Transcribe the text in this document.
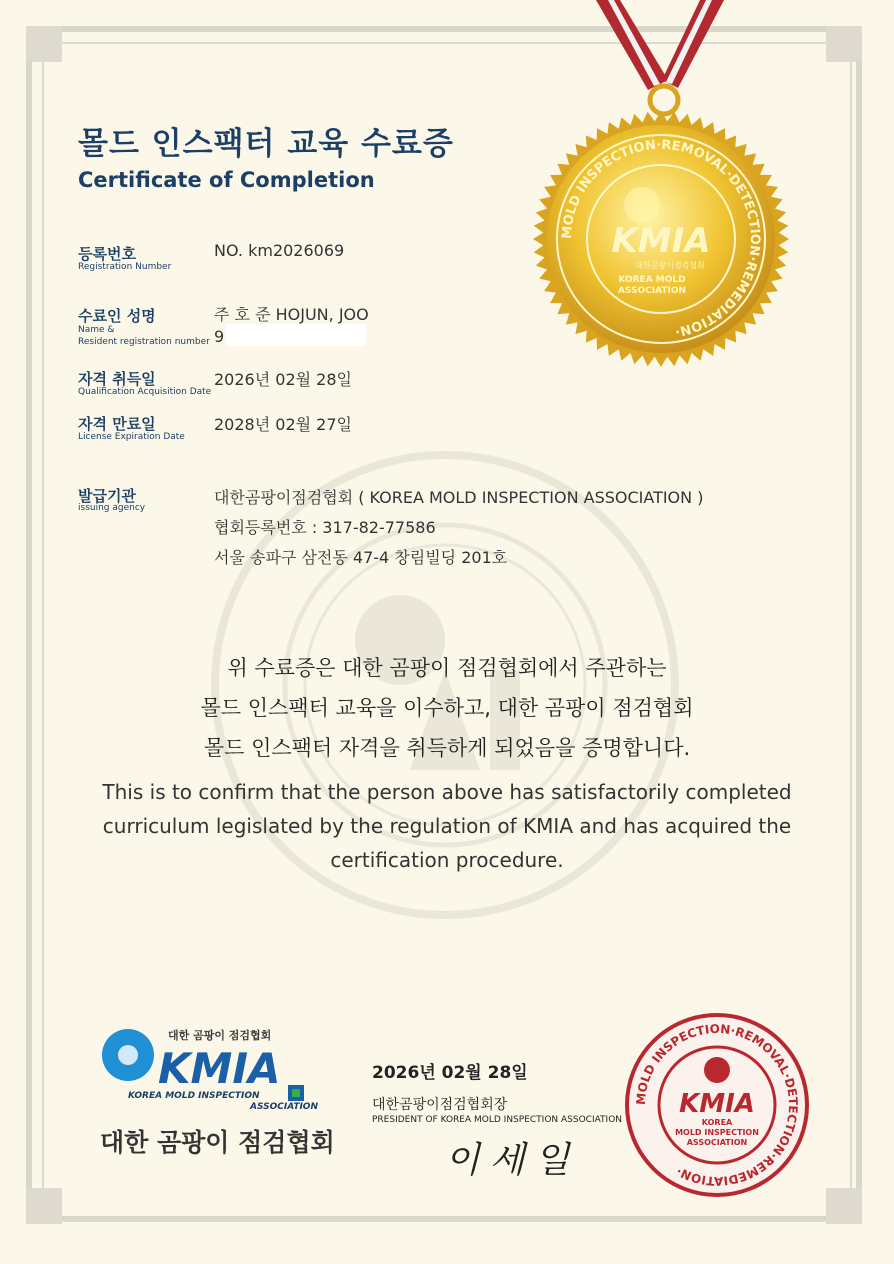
MOLD INSPECTION·REMOVAL·DETECTION·REMEDIATION·
KMIA
대한곰팡이점검협회
KOREA MOLD
ASSOCIATION
몰드 인스팩터 교육 수료증
Certificate of Completion
등록번호
Registration Number
NO. km2026069
수료인 성명
Name &
Resident registration number
주 호 준 HOJUN, JOO
9
자격 취득일
Qualification Acquisition Date
2026년 02월 28일
자격 만료일
License Expiration Date
2028년 02월 27일
발급기관
issuing agency
대한곰팡이점검협회 ( KOREA MOLD INSPECTION ASSOCIATION )
협회등록번호 : 317-82-77586
서울 송파구 삼전동 47-4 창림빌딩 201호
위 수료증은 대한 곰팡이 점검협회에서 주관하는
몰드 인스팩터 교육을 이수하고, 대한 곰팡이 점검협회
몰드 인스팩터 자격을 취득하게 되었음을 증명합니다.
This is to confirm that the person above has satisfactorily completed
curriculum legislated by the regulation of KMIA and has acquired the
certification procedure.
대한 곰팡이 점검협회
KMIA
KOREA MOLD INSPECTION
ASSOCIATION
대한 곰팡이 점검협회
2026년 02월 28일
대한곰팡이점검협회장
PRESIDENT OF KOREA MOLD INSPECTION ASSOCIATION
이세일
MOLD INSPECTION·REMOVAL·DETECTION·REMEDIATION·
KMIA
KOREA
MOLD INSPECTION
ASSOCIATION
